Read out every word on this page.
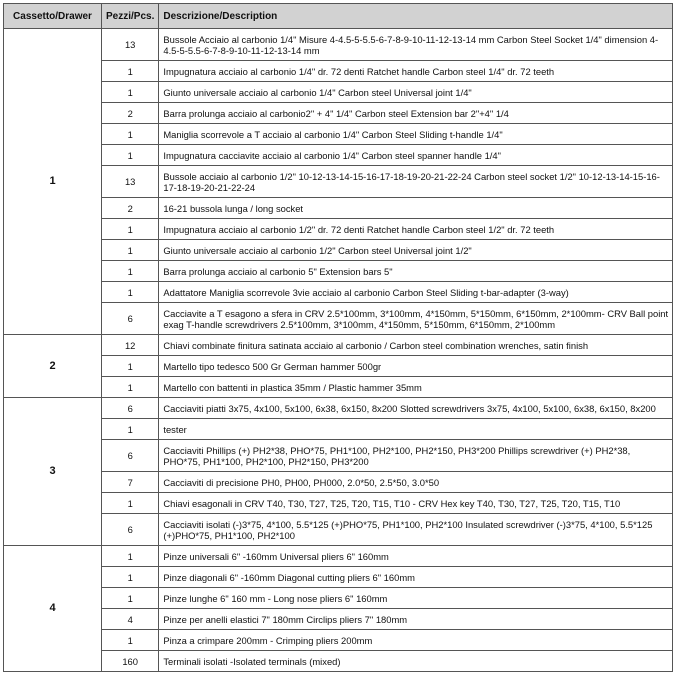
Cassetto/Drawer	Pezzi/Pcs.	Descrizione/Description
1	13	Bussole Acciaio al carbonio 1/4" Misure 4-4.5-5-5.5-6-7-8-9-10-11-12-13-14 mm Carbon Steel Socket 1/4" dimension 4-4.5-5-5.5-6-7-8-9-10-11-12-13-14 mm
	1	Impugnatura acciaio al carbonio 1/4" dr. 72 denti Ratchet handle Carbon steel 1/4" dr. 72 teeth
	1	Giunto universale acciaio al carbonio 1/4" Carbon steel Universal joint 1/4"
	2	Barra prolunga acciaio al carbonio2" + 4" 1/4" Carbon steel Extension bar 2"+4" 1/4
	1	Maniglia scorrevole a T acciaio al carbonio 1/4" Carbon Steel Sliding t-handle 1/4"
	1	Impugnatura cacciavite acciaio al carbonio 1/4" Carbon steel spanner handle 1/4"
	13	Bussole acciaio al carbonio 1/2" 10-12-13-14-15-16-17-18-19-20-21-22-24 Carbon steel socket 1/2" 10-12-13-14-15-16-17-18-19-20-21-22-24
	2	16-21 bussola lunga / long socket
	1	Impugnatura acciaio al carbonio 1/2" dr. 72 denti Ratchet handle Carbon steel 1/2" dr. 72 teeth
	1	Giunto universale acciaio al carbonio 1/2" Carbon steel Universal joint 1/2"
	1	Barra prolunga acciaio al carbonio 5" Extension bars 5"
	1	Adattatore Maniglia scorrevole 3vie acciaio al carbonio Carbon Steel Sliding t-bar-adapter (3-way)
	6	Cacciavite a T esagono a sfera in CRV 2.5*100mm, 3*100mm, 4*150mm, 5*150mm, 6*150mm, 2*100mm- CRV Ball point exag T-handle screwdrivers 2.5*100mm, 3*100mm, 4*150mm, 5*150mm, 6*150mm, 2*100mm
2	12	Chiavi combinate finitura satinata acciaio al carbonio / Carbon steel combination wrenches, satin finish
	1	Martello tipo tedesco 500 Gr German hammer 500gr
	1	Martello con battenti in plastica 35mm / Plastic hammer 35mm
3	6	Cacciaviti piatti 3x75, 4x100, 5x100, 6x38, 6x150, 8x200 Slotted screwdrivers 3x75, 4x100, 5x100, 6x38, 6x150, 8x200
	1	tester
	6	Cacciaviti Phillips (+) PH2*38, PHO*75, PH1*100, PH2*100, PH2*150, PH3*200 Phillips screwdriver (+) PH2*38, PHO*75, PH1*100, PH2*100, PH2*150, PH3*200
	7	Cacciaviti di precisione PH0, PH00, PH000, 2.0*50, 2.5*50, 3.0*50
	1	Chiavi esagonali in CRV T40, T30, T27, T25, T20, T15, T10 - CRV Hex key T40, T30, T27, T25, T20, T15, T10
	6	Cacciaviti isolati (-)3*75, 4*100, 5.5*125 (+)PHO*75, PH1*100, PH2*100 Insulated screwdriver (-)3*75, 4*100, 5.5*125 (+)PHO*75, PH1*100, PH2*100
4	1	Pinze universali 6" -160mm Universal pliers 6" 160mm
	1	Pinze diagonali 6" -160mm Diagonal cutting pliers 6" 160mm
	1	Pinze lunghe 6" 160 mm - Long nose pliers 6" 160mm
	4	Pinze per anelli elastici 7" 180mm Circlips pliers 7" 180mm
	1	Pinza a crimpare 200mm - Crimping pliers 200mm
	160	Terminali isolati -Isolated terminals (mixed)
